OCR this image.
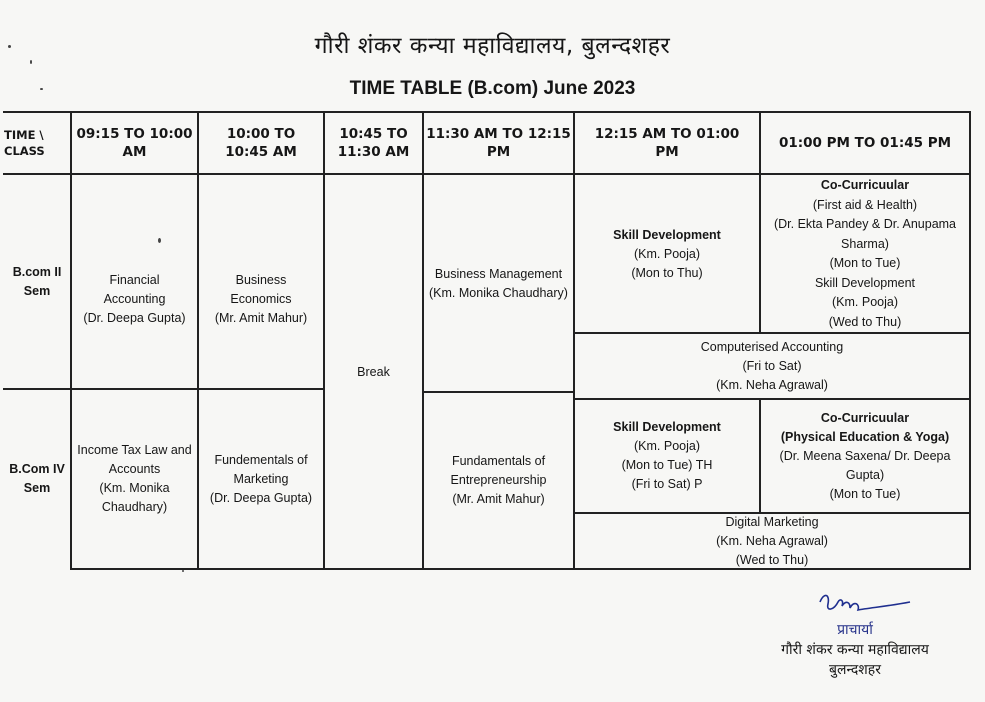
गौरी शंकर कन्या महाविद्यालय, बुलन्दशहर
TIME TABLE (B.com) June 2023
TIME \
CLASS
09:15 TO 10:00
AM
10:00 TO
10:45 AM
10:45 TO
11:30 AM
11:30 AM TO 12:15
PM
12:15 AM TO 01:00
PM
01:00 PM TO 01:45 PM
B.com II
Sem
Financial
Accounting
(Dr. Deepa Gupta)
Business
Economics
(Mr. Amit Mahur)
Break
Business Management
(Km. Monika Chaudhary)
Skill Development
(Km. Pooja)
(Mon to Thu)
Co-Curricuular
(First aid & Health)
(Dr. Ekta Pandey & Dr. Anupama
Sharma)
(Mon to Tue)
Skill Development
(Km. Pooja)
(Wed to Thu)
Computerised Accounting
(Fri to Sat)
(Km. Neha Agrawal)
B.Com IV
Sem
Income Tax Law and
Accounts
(Km. Monika
Chaudhary)
Fundementals of
Marketing
(Dr. Deepa Gupta)
Fundamentals of
Entrepreneurship
(Mr. Amit Mahur)
Skill Development
(Km. Pooja)
(Mon to Tue) TH
(Fri to Sat) P
Co-Curricuular
(Physical Education & Yoga)
(Dr. Meena Saxena/ Dr. Deepa
Gupta)
(Mon to Tue)
Digital Marketing
(Km. Neha Agrawal)
(Wed to Thu)
प्राचार्या
गौरी शंकर कन्या महाविद्यालय
बुलन्दशहर
